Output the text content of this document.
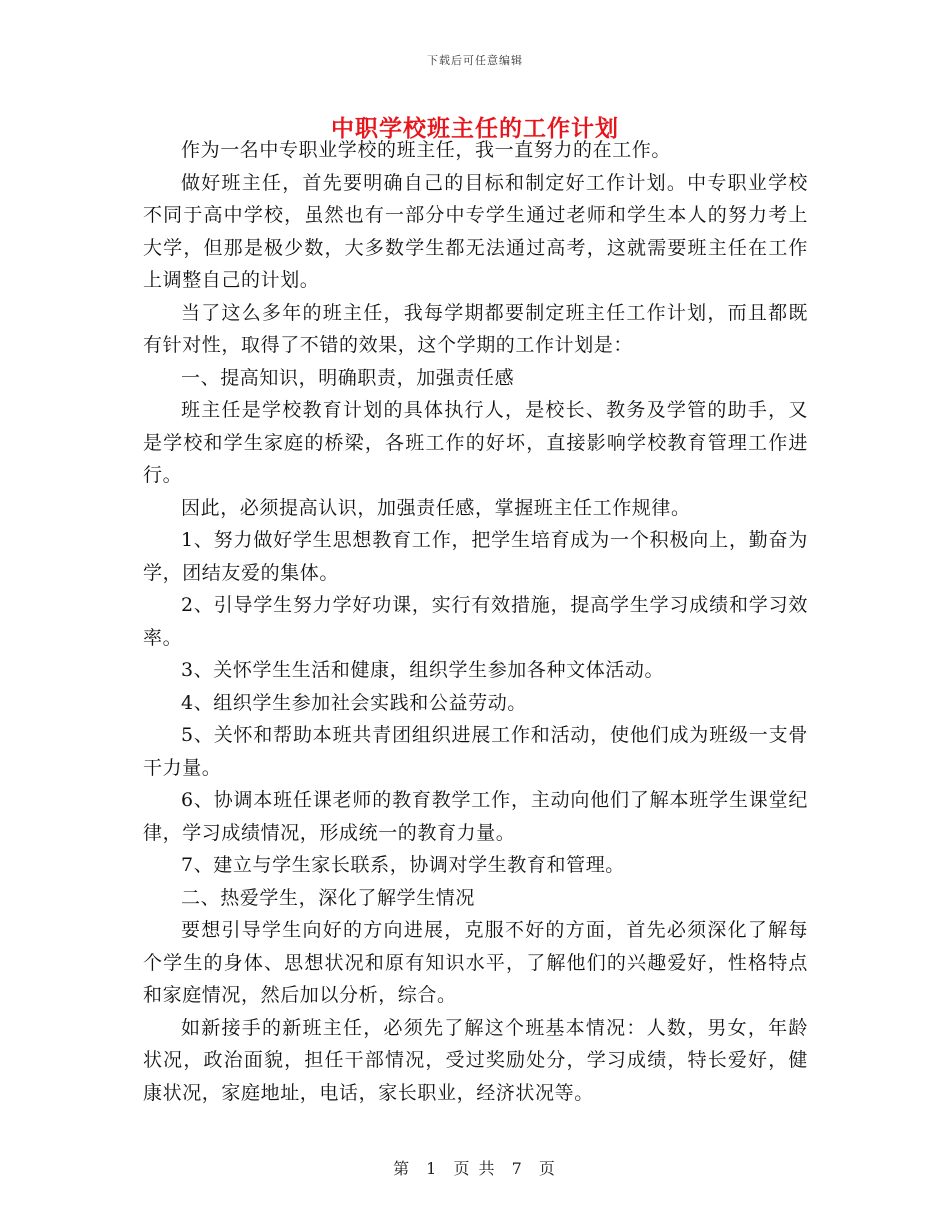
下载后可任意编辑
中职学校班主任的工作计划

作为一名中专职业学校的班主任，我一直努力的在工作。

做好班主任，首先要明确自己的目标和制定好工作计划。中专职业学校不同于高中学校，虽然也有一部分中专学生通过老师和学生本人的努力考上大学，但那是极少数，大多数学生都无法通过高考，这就需要班主任在工作上调整自己的计划。

当了这么多年的班主任，我每学期都要制定班主任工作计划，而且都既有针对性，取得了不错的效果，这个学期的工作计划是：

一、提高知识，明确职责，加强责任感

班主任是学校教育计划的具体执行人，是校长、教务及学管的助手，又是学校和学生家庭的桥梁，各班工作的好坏，直接影响学校教育管理工作进行。

因此，必须提高认识，加强责任感，掌握班主任工作规律。

1、努力做好学生思想教育工作，把学生培育成为一个积极向上，勤奋为学，团结友爱的集体。

2、引导学生努力学好功课，实行有效措施，提高学生学习成绩和学习效率。

3、关怀学生生活和健康，组织学生参加各种文体活动。

4、组织学生参加社会实践和公益劳动。

5、关怀和帮助本班共青团组织进展工作和活动，使他们成为班级一支骨干力量。

6、协调本班任课老师的教育教学工作，主动向他们了解本班学生课堂纪律，学习成绩情况，形成统一的教育力量。

7、建立与学生家长联系，协调对学生教育和管理。

二、热爱学生，深化了解学生情况

要想引导学生向好的方向进展，克服不好的方面，首先必须深化了解每个学生的身体、思想状况和原有知识水平，了解他们的兴趣爱好，性格特点和家庭情况，然后加以分析，综合。

如新接手的新班主任，必须先了解这个班基本情况：人数，男女，年龄状况，政治面貌，担任干部情况，受过奖励处分，学习成绩，特长爱好，健康状况，家庭地址，电话，家长职业，经济状况等。

第 1 页 共 7 页
